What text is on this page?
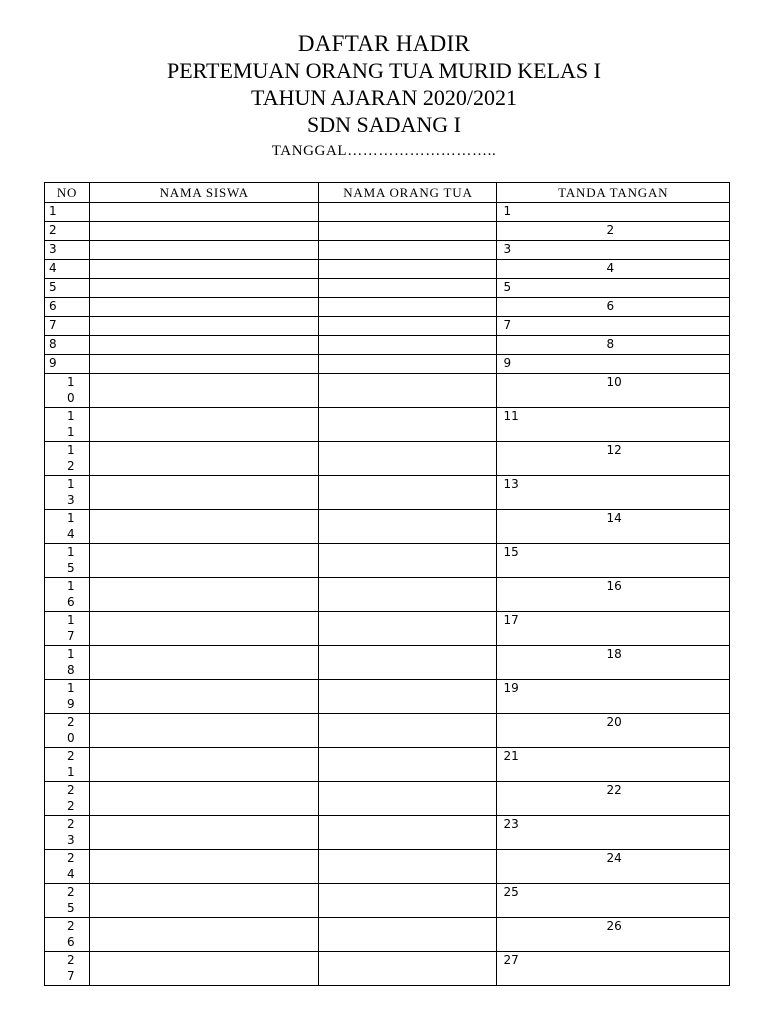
DAFTAR HADIR
PERTEMUAN ORANG TUA MURID KELAS I
TAHUN AJARAN 2020/2021
SDN SADANG I
TANGGAL………………………..
NO	NAMA SISWA	NAMA ORANG TUA	TANDA TANGAN

1			1

2			2

3			3

4			4

5			5

6			6

7			7

8			8

9			9

10			10

11			11

12			12

13			13

14			14

15			15

16			16

17			17

18			18

19			19

20			20

21			21

22			22

23			23

24			24

25			25

26			26

27			27
